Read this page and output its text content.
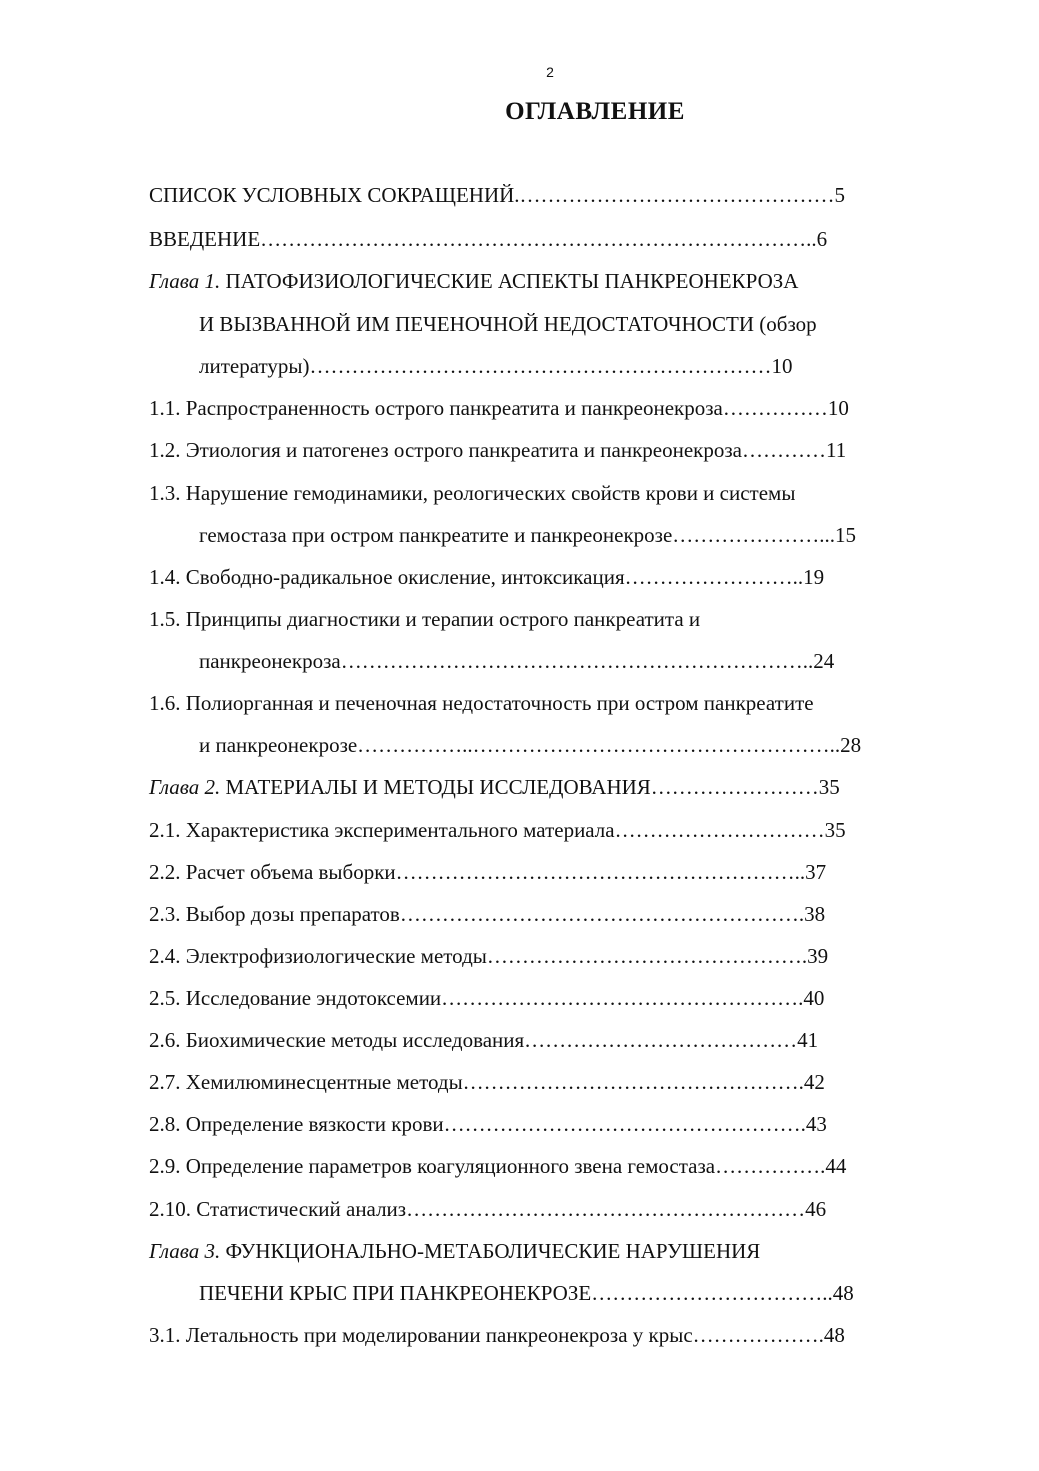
2
ОГЛАВЛЕНИЕ
СПИСОК УСЛОВНЫХ СОКРАЩЕНИЙ.………………………………………5
ВВЕДЕНИЕ……………………………………………………………………..6
Глава 1. ПАТОФИЗИОЛОГИЧЕСКИЕ АСПЕКТЫ ПАНКРЕОНЕКРОЗА
И ВЫЗВАННОЙ ИМ ПЕЧЕНОЧНОЙ НЕДОСТАТОЧНОСТИ (обзор
литературы)…………………………………………………………10
1.1. Распространенность острого панкреатита и панкреонекроза……………10
1.2. Этиология и патогенез острого панкреатита и панкреонекроза…………11
1.3. Нарушение гемодинамики, реологических свойств крови и системы
гемостаза при остром панкреатите и панкреонекрозе…………………...15
1.4. Свободно-радикальное окисление, интоксикация……………………..19
1.5. Принципы диагностики и терапии острого панкреатита и
панкреонекроза…………………………………………………………..24
1.6. Полиорганная и печеночная недостаточность при остром панкреатите
и панкреонекрозе……………..……………………………………………..28
Глава 2. МАТЕРИАЛЫ И МЕТОДЫ ИССЛЕДОВАНИЯ……………………35
2.1. Характеристика экспериментального материала…………………………35
2.2. Расчет объема выборки…………………………………………………..37
2.3. Выбор дозы препаратов………………………………………………….38
2.4. Электрофизиологические методы……………………………………….39
2.5. Исследование эндотоксемии…………………………………………….40
2.6. Биохимические методы исследования…………………………………41
2.7. Хемилюминесцентные методы………………………………………….42
2.8. Определение вязкости крови…………………………………………….43
2.9. Определение параметров коагуляционного звена гемостаза…………….44
2.10. Статистический анализ…………………………………………………46
Глава 3. ФУНКЦИОНАЛЬНО-МЕТАБОЛИЧЕСКИЕ НАРУШЕНИЯ
ПЕЧЕНИ КРЫС ПРИ ПАНКРЕОНЕКРОЗЕ……………………………..48
3.1. Летальность при моделировании панкреонекроза у крыс……………….48
